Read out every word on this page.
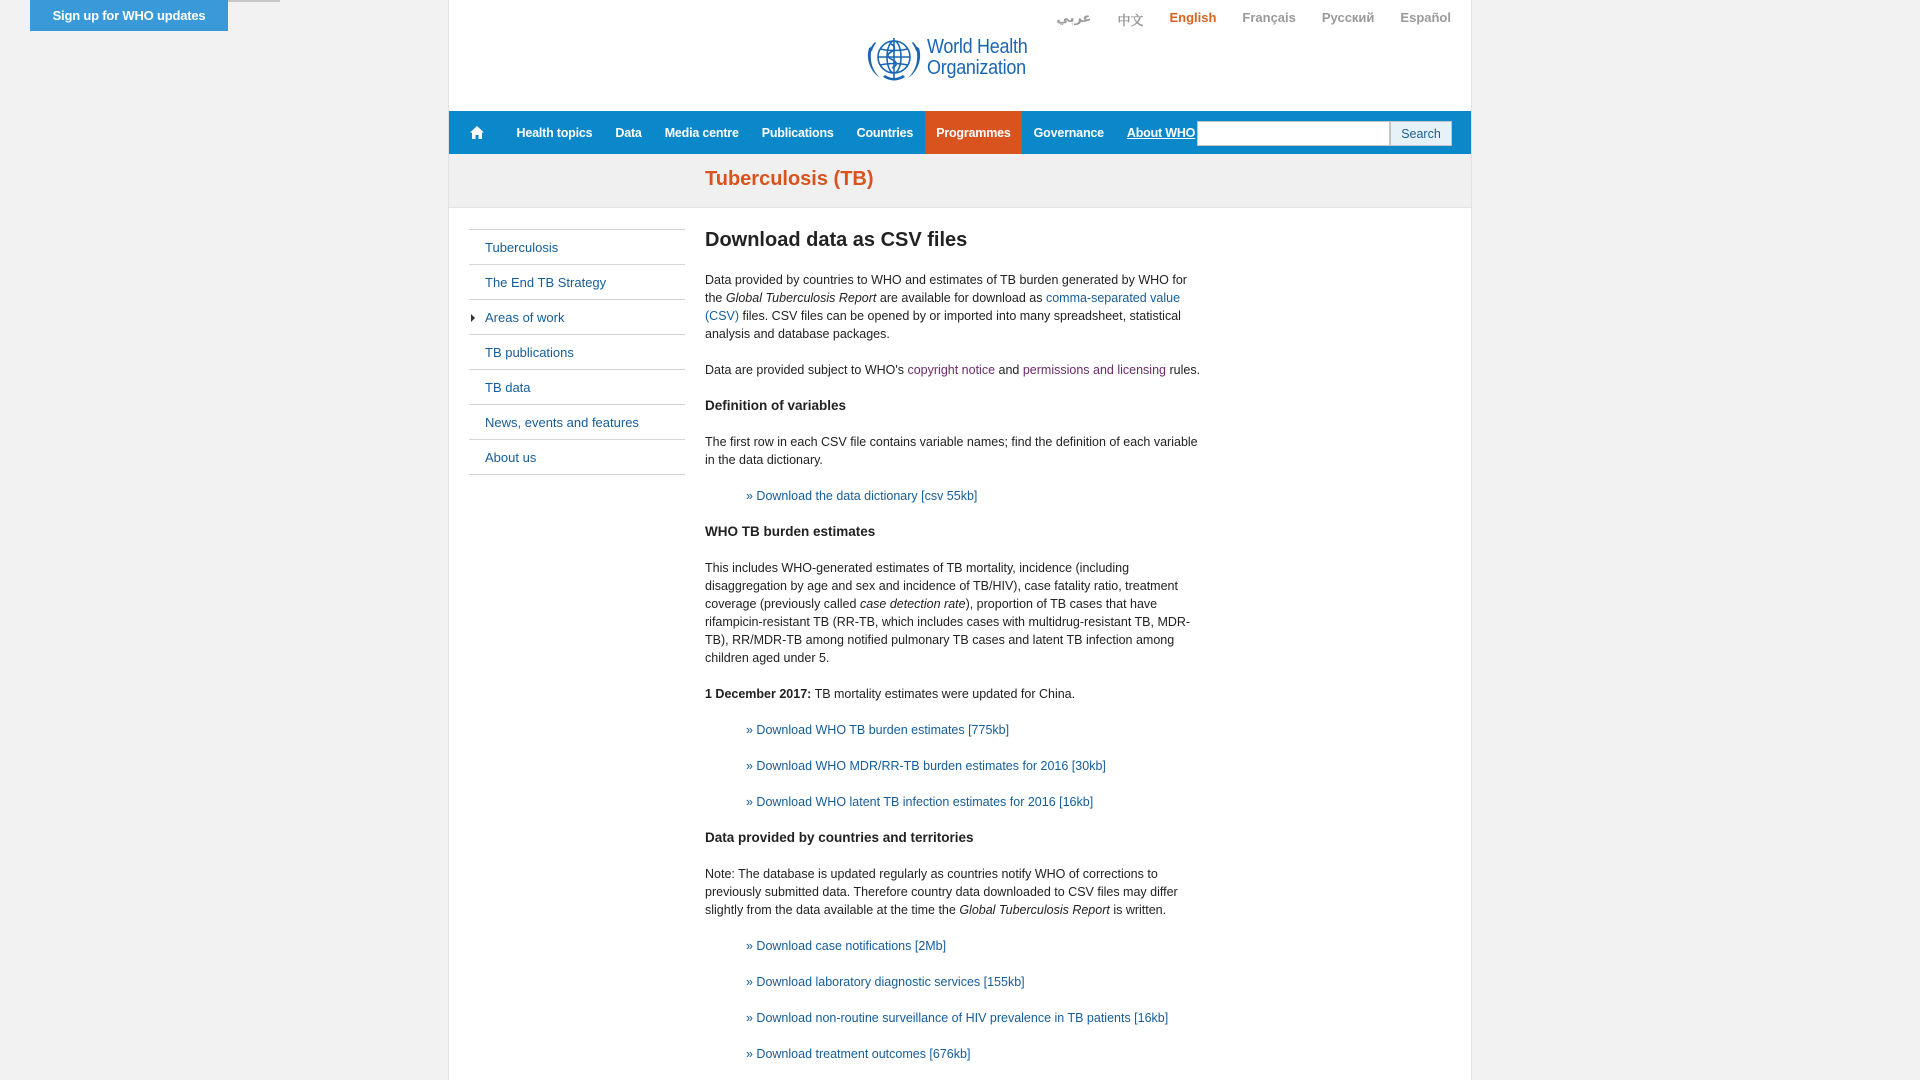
Sign up for WHO updates	عربي 中文 English Français Русский Español
World Health
Organization
Health topics	Data	Media centre	Publications	Countries	Programmes	Governance	About WHO	Search
Tuberculosis (TB)
Tuberculosis
The End TB Strategy
Areas of work
TB publications
TB data
News, events and features
About us
Download data as CSV files

Data provided by countries to WHO and estimates of TB burden generated by WHO for the Global Tuberculosis Report are available for download as comma-separated value (CSV) files. CSV files can be opened by or imported into many spreadsheet, statistical analysis and database packages.

Data are provided subject to WHO's copyright notice and permissions and licensing rules.

Definition of variables

The first row in each CSV file contains variable names; find the definition of each variable in the data dictionary.

» Download the data dictionary [csv 55kb]
WHO TB burden estimates

This includes WHO-generated estimates of TB mortality, incidence (including disaggregation by age and sex and incidence of TB/HIV), case fatality ratio, treatment coverage (previously called case detection rate), proportion of TB cases that have rifampicin-resistant TB (RR-TB, which includes cases with multidrug-resistant TB, MDR-TB), RR/MDR-TB among notified pulmonary TB cases and latent TB infection among children aged under 5.

1 December 2017: TB mortality estimates were updated for China.

» Download WHO TB burden estimates [775kb]
» Download WHO MDR/RR-TB burden estimates for 2016 [30kb]
» Download WHO latent TB infection estimates for 2016 [16kb]
Data provided by countries and territories

Note: The database is updated regularly as countries notify WHO of corrections to previously submitted data. Therefore country data downloaded to CSV files may differ slightly from the data available at the time the Global Tuberculosis Report is written.

» Download case notifications [2Mb]
» Download laboratory diagnostic services [155kb]
» Download non-routine surveillance of HIV prevalence in TB patients [16kb]
» Download treatment outcomes [676kb]
